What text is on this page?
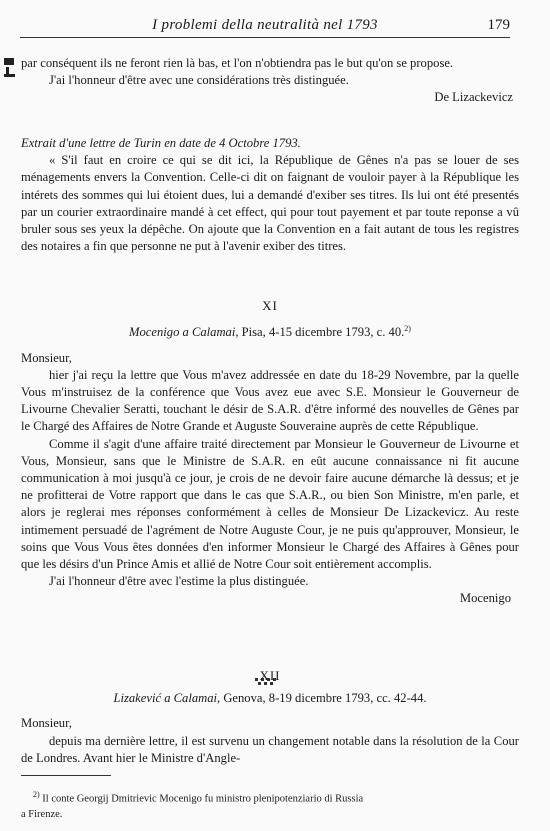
I problemi della neutralità nel 1793	179

par conséquent ils ne feront rien là bas, et l'on n'obtiendra pas le but qu'on se propose.

J'ai l'honneur d'être avec une considérations très distinguée.

De Lizackevicz

Extrait d'une lettre de Turin en date de 4 Octobre 1793.

« S'il faut en croire ce qui se dit ici, la République de Gênes n'a pas se louer de ses ménagements envers la Convention. Celle-ci dit on faignant de vouloir payer à la République les intérets des sommes qui lui étoient dues, lui a demandé d'exiber ses titres. Ils lui ont été presentés par un courier extraordinaire mandé à cet effect, qui pour tout payement et par toute reponse a vû bruler sous ses yeux la dépêche. On ajoute que la Convention en a fait autant de tous les registres des notaires a fin que personne ne put à l'avenir exiber des titres.

XI

Mocenigo a Calamai, Pisa, 4-15 dicembre 1793, c. 40.$^{2)}$

Monsieur,

hier j'ai reçu la lettre que Vous m'avez addressée en date du 18-29 Novembre, par la quelle Vous m'instruisez de la conférence que Vous avez eue avec S.E. Monsieur le Gouverneur de Livourne Chevalier Seratti, touchant le désir de S.A.R. d'être informé des nouvelles de Gênes par le Chargé des Affaires de Notre Grande et Auguste Souveraine auprès de cette République.

Comme il s'agit d'une affaire traité directement par Monsieur le Gouverneur de Livourne et Vous, Monsieur, sans que le Ministre de S.A.R. en eût aucune connaissance ni fit aucune communication à moi jusqu'à ce jour, je crois de ne devoir faire aucune démarche là dessus; et je ne profitterai de Votre rapport que dans le cas que S.A.R., ou bien Son Ministre, m'en parle, et alors je reglerai mes réponses conformément à celles de Monsieur De Lizackevicz. Au reste intimement persuadé de l'agrément de Notre Auguste Cour, je ne puis qu'approuver, Monsieur, le soins que Vous Vous êtes données d'en informer Monsieur le Chargé des Affaires à Gênes pour que les désirs d'un Prince Amis et allié de Notre Cour soit entièrement accomplis.

J'ai l'honneur d'être avec l'estime la plus distinguée.

Mocenigo

XII

Lizakević a Calamai, Genova, 8-19 dicembre 1793, cc. 42-44.

Monsieur,

depuis ma dernière lettre, il est survenu un changement notable dans la résolution de la Cour de Londres. Avant hier le Ministre d'Angle-

$^{2)}$ Il conte Georgij Dmitrievic Mocenigo fu ministro plenipotenziario di Russia

a Firenze.
